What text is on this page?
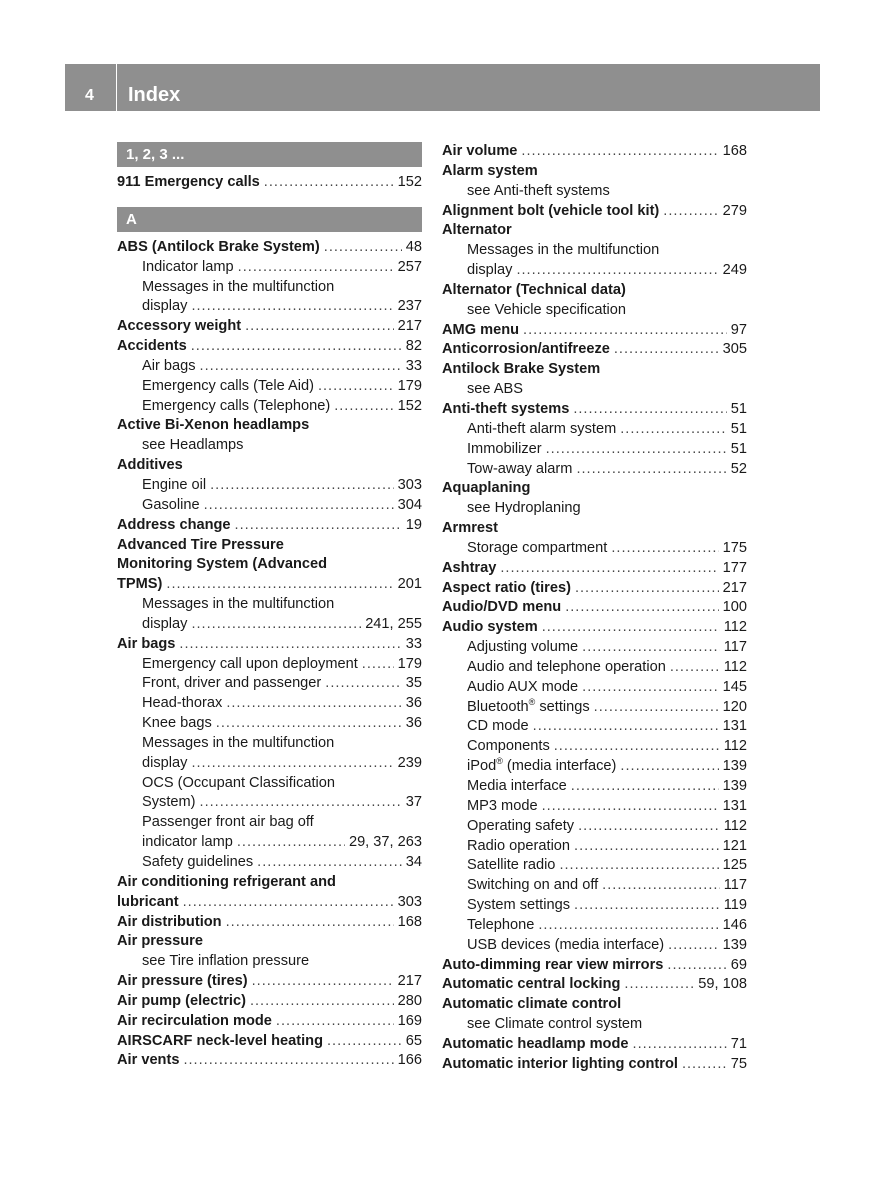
4 Index
1, 2, 3 ...
911 Emergency calls .....	152
A
ABS (Antilock Brake System) .....	48
Indicator lamp .....	257
Messages in the multifunction
display .....	237
Accessory weight .....	217
Accidents .....	82
Air bags .....	33
Emergency calls (Tele Aid) .....	179
Emergency calls (Telephone) .....	152
Active Bi-Xenon headlamps
see Headlamps
Additives
Engine oil .....	303
Gasoline .....	304
Address change .....	19
Advanced Tire Pressure
Monitoring System (Advanced
TPMS) .....	201
Messages in the multifunction
display .....	241, 255
Air bags .....	33
Emergency call upon deployment .....	179
Front, driver and passenger .....	35
Head-thorax .....	36
Knee bags .....	36
Messages in the multifunction
display .....	239
OCS (Occupant Classification
System) .....	37
Passenger front air bag off
indicator lamp .....	29, 37, 263
Safety guidelines .....	34
Air conditioning refrigerant and
lubricant .....	303
Air distribution .....	168
Air pressure
see Tire inflation pressure
Air pressure (tires) .....	217
Air pump (electric) .....	280
Air recirculation mode .....	169
AIRSCARF neck-level heating .....	65
Air vents .....	166
Air volume .....	168
Alarm system
see Anti-theft systems
Alignment bolt (vehicle tool kit) .....	279
Alternator
Messages in the multifunction
display .....	249
Alternator (Technical data)
see Vehicle specification
AMG menu .....	97
Anticorrosion/antifreeze .....	305
Antilock Brake System
see ABS
Anti-theft systems .....	51
Anti-theft alarm system .....	51
Immobilizer .....	51
Tow-away alarm .....	52
Aquaplaning
see Hydroplaning
Armrest
Storage compartment .....	175
Ashtray .....	177
Aspect ratio (tires) .....	217
Audio/DVD menu .....	100
Audio system .....	112
Adjusting volume .....	117
Audio and telephone operation .....	112
Audio AUX mode .....	145
Bluetooth® settings .....	120
CD mode .....	131
Components .....	112
iPod® (media interface) .....	139
Media interface .....	139
MP3 mode .....	131
Operating safety .....	112
Radio operation .....	121
Satellite radio .....	125
Switching on and off .....	117
System settings .....	119
Telephone .....	146
USB devices (media interface) .....	139
Auto-dimming rear view mirrors .....	69
Automatic central locking .....	59, 108
Automatic climate control
see Climate control system
Automatic headlamp mode .....	71
Automatic interior lighting control .....	75
